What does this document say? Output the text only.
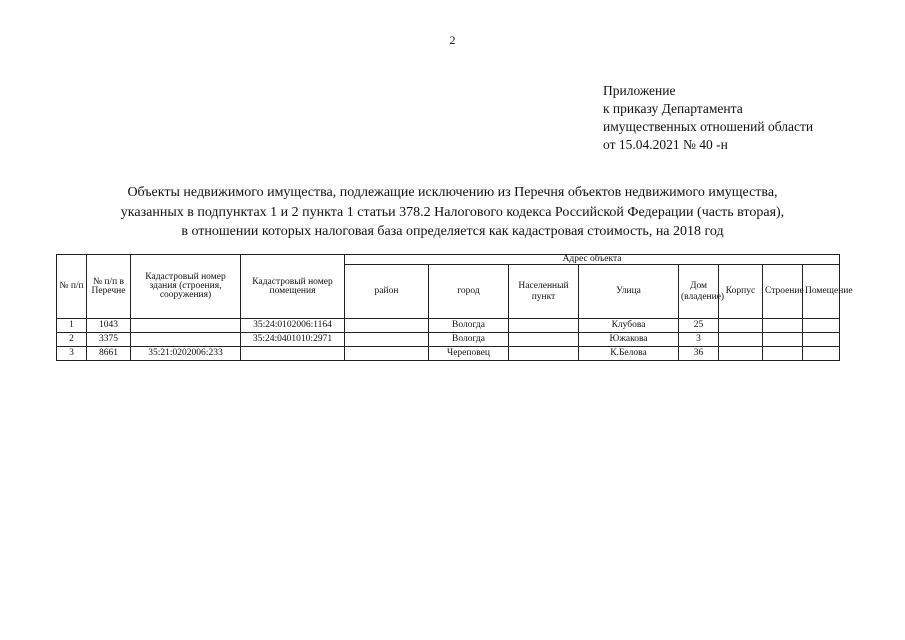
2
Приложение
к приказу Департамента
имущественных отношений области
от 15.04.2021 № 40 -н
Объекты недвижимого имущества, подлежащие исключению из Перечня объектов недвижимого имущества,
указанных в подпунктах 1 и 2 пункта 1 статьи 378.2 Налогового кодекса Российской Федерации (часть вторая),
в отношении которых налоговая база определяется как кадастровая стоимость, на 2018 год
№ п/п	№ п/п в Перечне	Кадастровый номер здания (строения, сооружения)	Кадастровый номер помещения	Адрес объекта							
				район	город	Населенный пункт	Улица	Дом (владение)	Корпус	Строение	Помещение
1	1043		35:24:0102006:1164		Вологда		Клубова	25			
2	3375		35:24:0401010:2971		Вологда		Южакова	3			
3	8661	35:21:0202006:233			Череповец		К.Белова	36			
